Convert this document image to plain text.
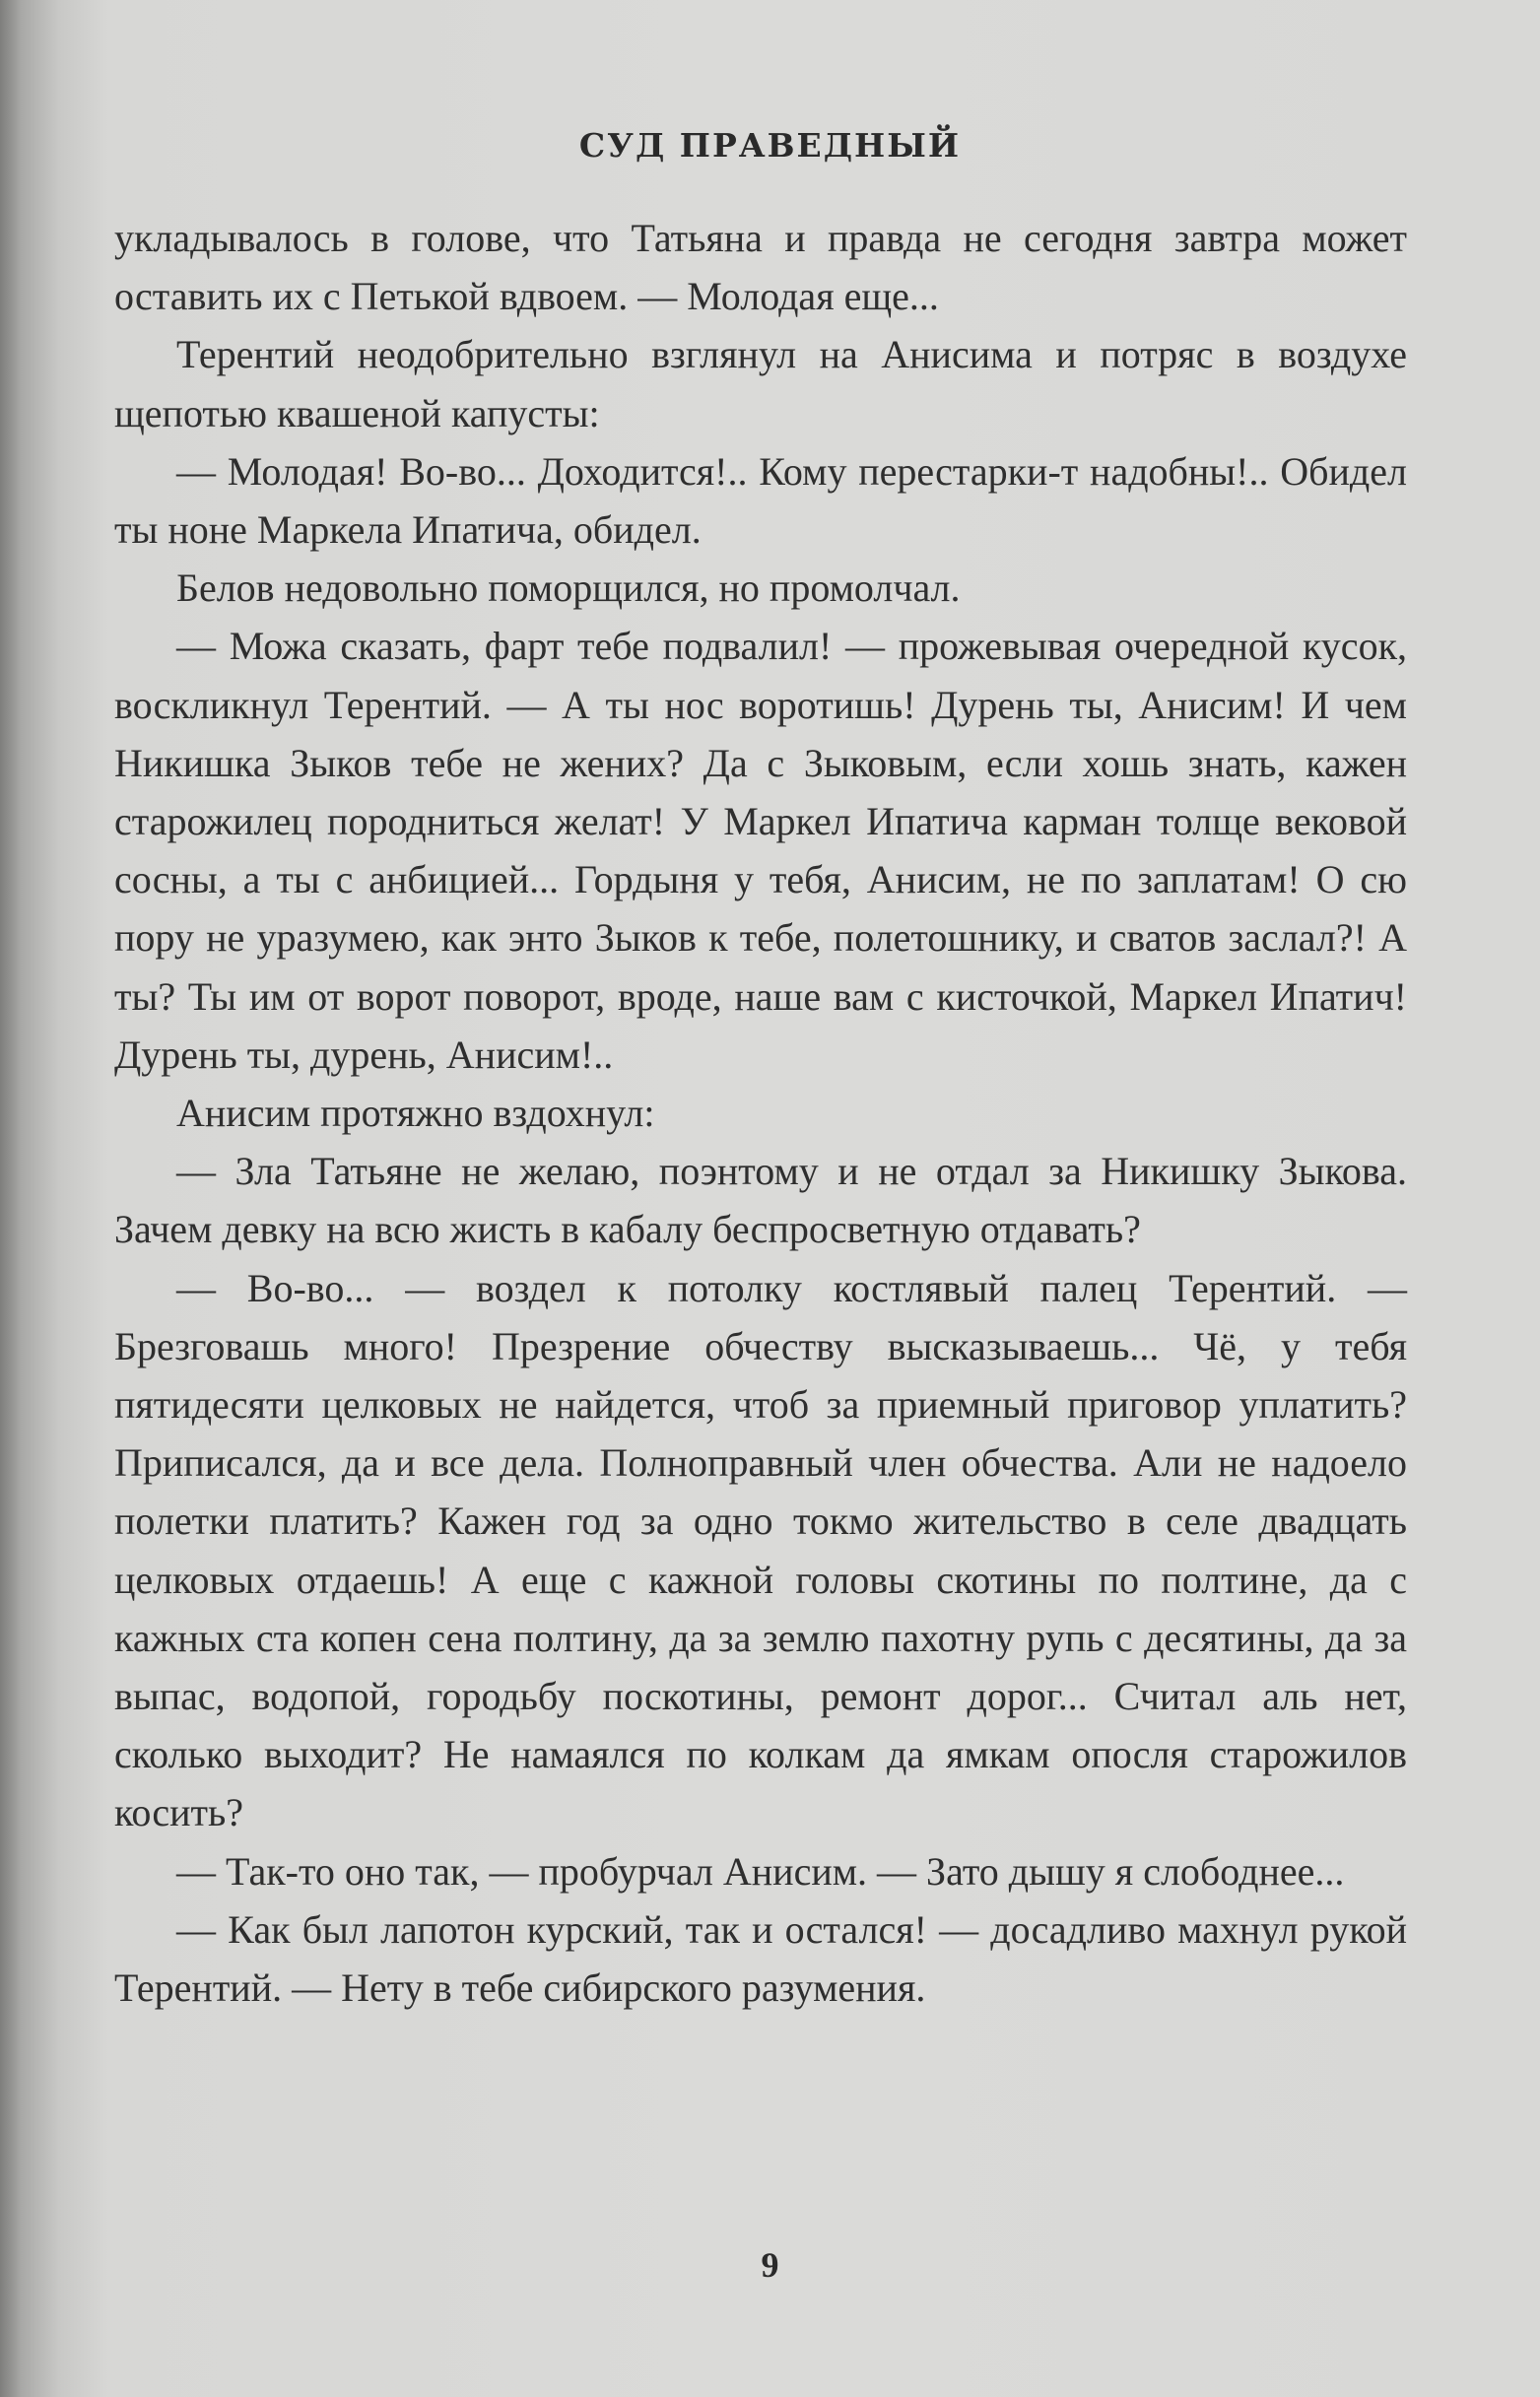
СУД ПРАВЕДНЫЙ

укладывалось в голове, что Татьяна и правда не сегодня завтра может оставить их с Петькой вдвоем. — Молодая еще...

Терентий неодобрительно взглянул на Анисима и потряс в воздухе щепотью квашеной капусты:

— Молодая! Во-во... Доходится!.. Кому перестарки-т надобны!.. Обидел ты ноне Маркела Ипатича, обидел.

Белов недовольно поморщился, но промолчал.

— Можа сказать, фарт тебе подвалил! — прожевывая очередной кусок, воскликнул Терентий. — А ты нос воротишь! Дурень ты, Анисим! И чем Никишка Зыков тебе не жених? Да с Зыковым, если хошь знать, кажен старожилец породниться желат! У Маркел Ипатича карман толще вековой сосны, а ты с анбицией... Гордыня у тебя, Анисим, не по заплатам! О сю пору не уразумею, как энто Зыков к тебе, полетошнику, и сватов заслал?! А ты? Ты им от ворот поворот, вроде, наше вам с кисточкой, Маркел Ипатич! Дурень ты, дурень, Анисим!..

Анисим протяжно вздохнул:

— Зла Татьяне не желаю, поэнтому и не отдал за Никишку Зыкова. Зачем девку на всю жисть в кабалу беспросветную отдавать?

— Во-во... — воздел к потолку костлявый палец Терентий. — Брезговашь много! Презрение обчеству высказываешь... Чё, у тебя пятидесяти целковых не найдется, чтоб за приемный приговор уплатить? Приписался, да и все дела. Полноправный член обчества. Али не надоело полетки платить? Кажен год за одно токмо жительство в селе двадцать целковых отдаешь! А еще с кажной головы скотины по полтине, да с кажных ста копен сена полтину, да за землю пахотну рупь с десятины, да за выпас, водопой, городьбу поскотины, ремонт дорог... Считал аль нет, сколько выходит? Не намаялся по колкам да ямкам опосля старожилов косить?

— Так-то оно так, — пробурчал Анисим. — Зато дышу я слободнее...

— Как был лапотон курский, так и остался! — досадливо махнул рукой Терентий. — Нету в тебе сибирского разумения.

9
